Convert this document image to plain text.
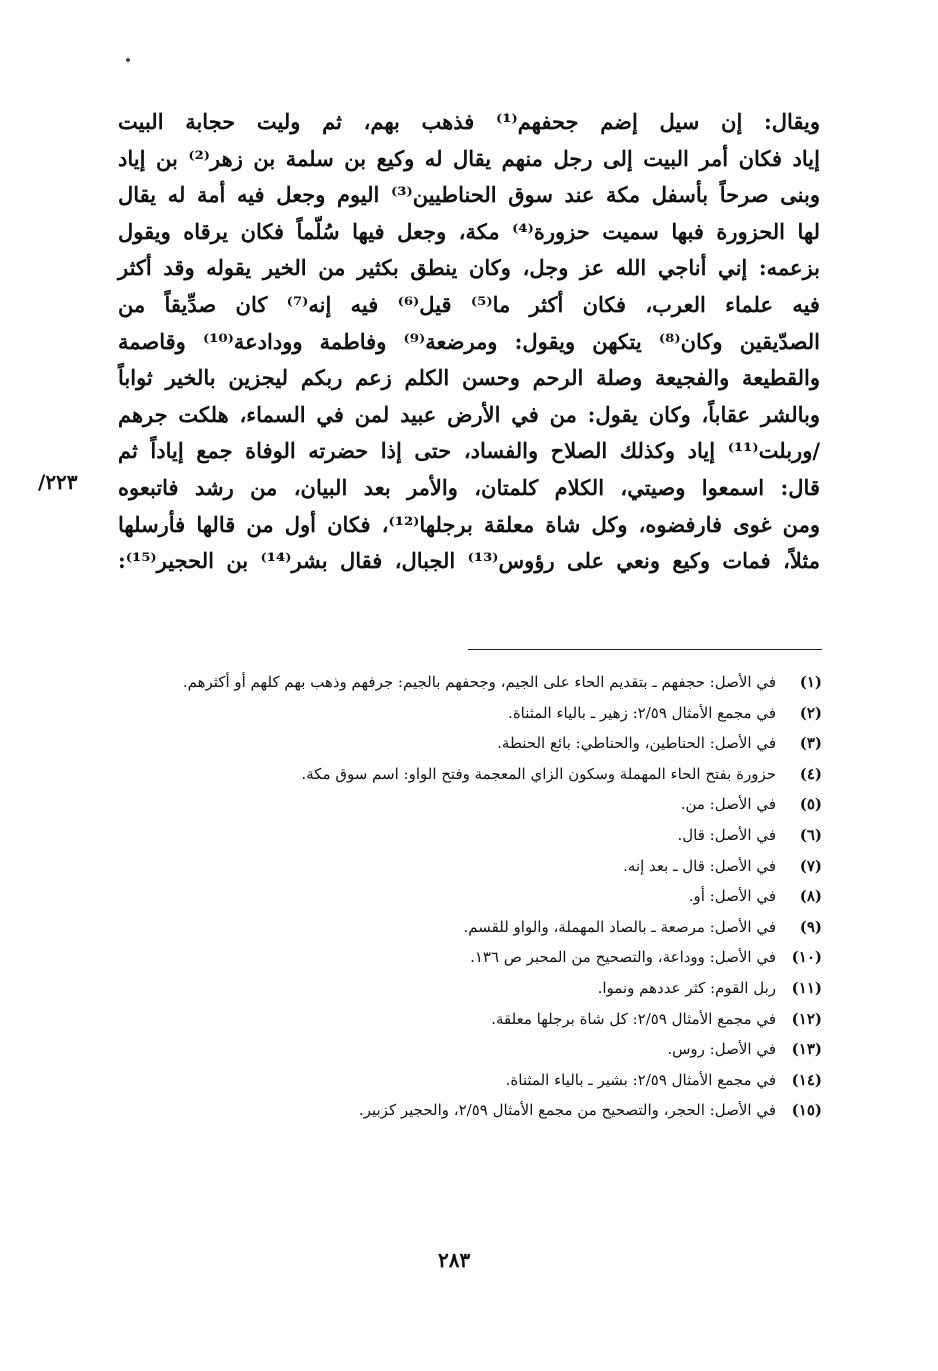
ويقال: إن سيل إضم جحفهم⁽¹⁾ فذهب بهم، ثم وليت حجابة البيت
إياد فكان أمر البيت إلى رجل منهم يقال له وكيع بن سلمة بن زهر⁽²⁾ بن إياد
وبنى صرحاً بأسفل مكة عند سوق الحناطيين⁽³⁾ اليوم وجعل فيه أمة له يقال
لها الحزورة فبها سميت حزورة⁽⁴⁾ مكة، وجعل فيها سُلّماً فكان يرقاه ويقول
بزعمه: إني أناجي الله عز وجل، وكان ينطق بكثير من الخير يقوله وقد أكثر
فيه علماء العرب، فكان أكثر ما⁽⁵⁾ قيل⁽⁶⁾ فيه إنه⁽⁷⁾ كان صدِّيقاً من
الصدّيقين وكان⁽⁸⁾ يتكهن ويقول: ومرضعة⁽⁹⁾ وفاطمة وودادعة⁽¹⁰⁾ وقاصمة
والقطيعة والفجيعة وصلة الرحم وحسن الكلم زعم ربكم ليجزين بالخير ثواباً
وبالشر عقاباً، وكان يقول: من في الأرض عبيد لمن في السماء، هلكت جرهم
/وربلت⁽¹¹⁾ إياد وكذلك الصلاح والفساد، حتى إذا حضرته الوفاة جمع إياداً ثم
قال: اسمعوا وصيتي، الكلام كلمتان، والأمر بعد البيان، من رشد فاتبعوه
ومن غوى فارفضوه، وكل شاة معلقة برجلها⁽¹²⁾، فكان أول من قالها فأرسلها
مثلاً، فمات وكيع ونعي على رؤوس⁽¹³⁾ الجبال، فقال بشر⁽¹⁴⁾ بن الحجير⁽¹⁵⁾:
٢٢٣/
(١)
في الأصل: حجفهم ـ بتقديم الحاء على الجيم، وجحفهم بالجيم: جرفهم وذهب بهم كلهم أو أكثرهم.
(٢)
في مجمع الأمثال ٢/٥٩: زهير ـ بالياء المثناة.
(٣)
في الأصل: الحناطين، والحناطي: بائع الحنطة.
(٤)
حزورة بفتح الحاء المهملة وسكون الزاي المعجمة وفتح الواو: اسم سوق مكة.
(٥)
في الأصل: من.
(٦)
في الأصل: قال.
(٧)
في الأصل: قال ـ بعد إنه.
(٨)
في الأصل: أو.
(٩)
في الأصل: مرصعة ـ بالصاد المهملة، والواو للقسم.
(١٠)
في الأصل: ووداعة، والتصحيح من المحبر ص ١٣٦.
(١١)
ربل القوم: كثر عددهم ونموا.
(١٢)
في مجمع الأمثال ٢/٥٩: كل شاة برجلها معلقة.
(١٣)
في الأصل: روس.
(١٤)
في مجمع الأمثال ٢/٥٩: بشير ـ بالياء المثناة.
(١٥)
في الأصل: الحجر، والتصحيح من مجمع الأمثال ٢/٥٩، والحجير كزبير.
٢٨٣
